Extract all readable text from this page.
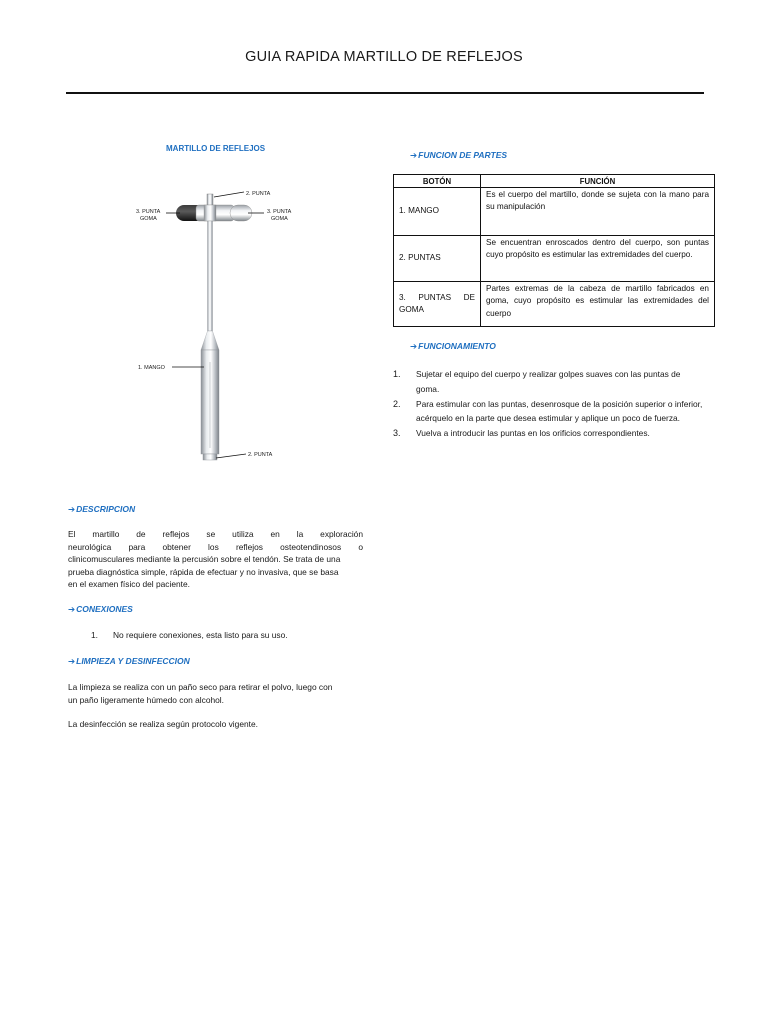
GUIA RAPIDA MARTILLO DE REFLEJOS
MARTILLO DE REFLEJOS
2. PUNTA
3. PUNTA
GOMA
3. PUNTA
GOMA
1. MANGO
2. PUNTA
➔DESCRIPCION
El martillo de reflejos se utiliza en la exploración
neurológica para obtener los reflejos osteotendinosos o
clinicomusculares mediante la percusión sobre el tendón. Se trata de una
prueba diagnóstica simple, rápida de efectuar y no invasiva, que se basa
en el examen físico del paciente.
➔CONEXIONES
1. No requiere conexiones, esta listo para su uso.
➔LIMPIEZA Y DESINFECCION
La limpieza se realiza con un paño seco para retirar el polvo, luego con
un paño ligeramente húmedo con alcohol.
La desinfección se realiza según protocolo vigente.
➔FUNCION DE PARTES
BOTÓN	FUNCIÓN
1. MANGO	Es el cuerpo del martillo, donde se sujeta con la mano para su manipulación
2. PUNTAS	Se encuentran enroscados dentro del cuerpo, son puntas cuyo propósito es estimular las extremidades del cuerpo.
3. PUNTAS DE GOMA	Partes extremas de la cabeza de martillo fabricados en goma, cuyo propósito es estimular las extremidades del cuerpo
➔FUNCIONAMIENTO
1. Sujetar el equipo del cuerpo y realizar golpes suaves con las puntas de goma.
2. Para estimular con las puntas, desenrosque de la posición superior o inferior, acérquelo en la parte que desea estimular y aplique un poco de fuerza.
3. Vuelva a introducir las puntas en los orificios correspondientes.
